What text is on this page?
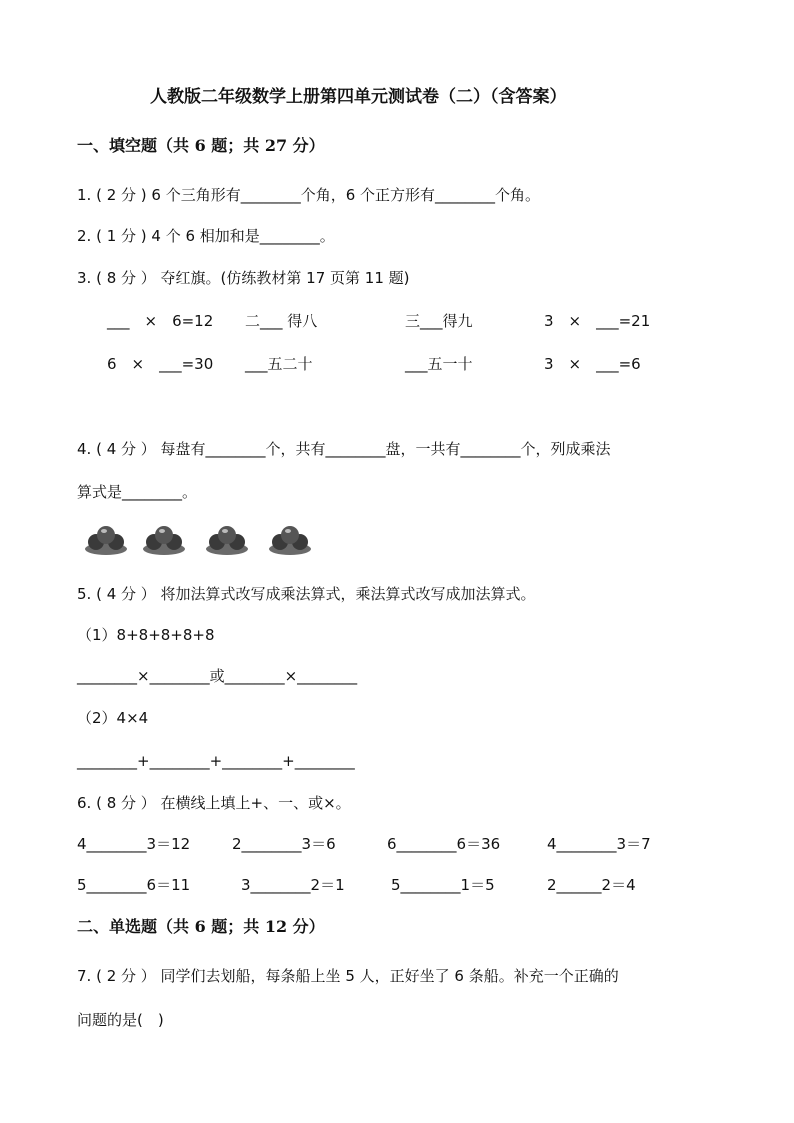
人教版二年级数学上册第四单元测试卷（二）（含答案）
一、填空题（共 6 题；共 27 分）
1. ( 2 分 ) 6 个三角形有________个角，6 个正方形有________个角。
2. ( 1 分 ) 4 个 6 相加和是________。
3. ( 8 分 ） 夺红旗。(仿练教材第 17 页第 11 题)
___　×　6=12 二___ 得八	三___得九	3　×　___=21
6　×　___=30 ___五二十	___五一十	3　×　___=6
4. ( 4 分 ） 每盘有________个，共有________盘，一共有________个，列成乘法
算式是________。
5. ( 4 分 ） 将加法算式改写成乘法算式，乘法算式改写成加法算式。
（1）8+8+8+8+8
________×________或________×________
（2）4×4
________+________+________+________
6. ( 8 分 ） 在横线上填上+、一、或×。
4________3＝12	2________3＝6	6________6＝36	4________3＝7
5________6＝11	3________2＝1	5________1＝5	2______2＝4
二、单选题（共 6 题；共 12 分）
7. ( 2 分 ） 同学们去划船，每条船上坐 5 人，正好坐了 6 条船。补充一个正确的
问题的是(　)
